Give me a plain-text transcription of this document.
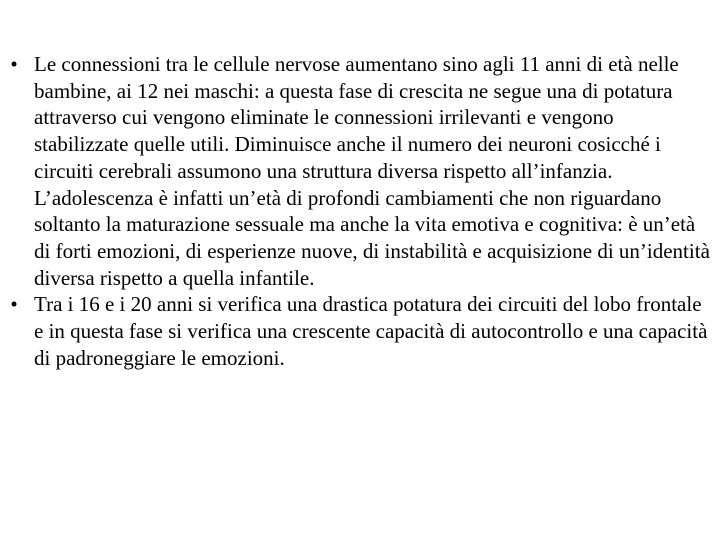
• Le connessioni tra le cellule nervose aumentano sino agli 11 anni di età nelle bambine, ai 12 nei maschi: a questa fase di crescita ne segue una di potatura attraverso cui vengono eliminate le connessioni irrilevanti e vengono stabilizzate quelle utili. Diminuisce anche il numero dei neuroni cosicché i circuiti cerebrali assumono una struttura diversa rispetto all’infanzia. L’adolescenza è infatti un’età di profondi cambiamenti che non riguardano soltanto la maturazione sessuale ma anche la vita emotiva e cognitiva: è un’età di forti emozioni, di esperienze nuove, di instabilità e acquisizione di un’identità diversa rispetto a quella infantile.
• Tra i 16 e i 20 anni si verifica una drastica potatura dei circuiti del lobo frontale e in questa fase si verifica una crescente capacità di autocontrollo e una capacità di padroneggiare le emozioni.
